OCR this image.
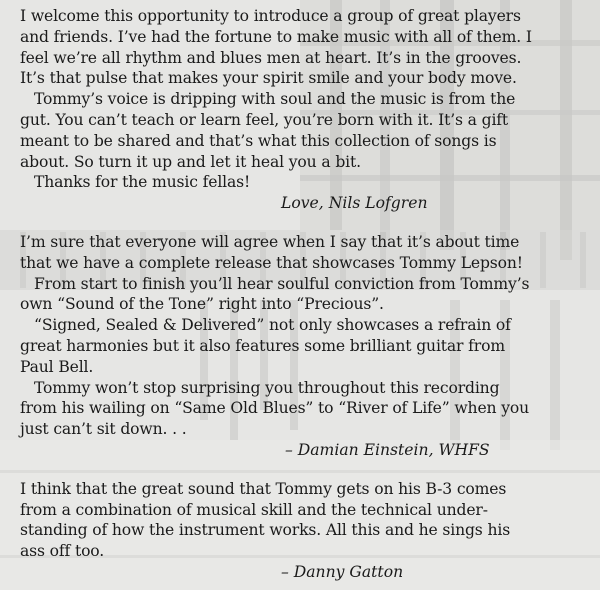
I welcome this opportunity to introduce a group of great players
and friends. I’ve had the fortune to make music with all of them. I
feel we’re all rhythm and blues men at heart. It’s in the grooves.
It’s that pulse that makes your spirit smile and your body move.
Tommy’s voice is dripping with soul and the music is from the
gut. You can’t teach or learn feel, you’re born with it. It’s a gift
meant to be shared and that’s what this collection of songs is
about. So turn it up and let it heal you a bit.
Thanks for the music fellas!
Love, Nils Lofgren
I’m sure that everyone will agree when I say that it’s about time
that we have a complete release that showcases Tommy Lepson!
From start to finish you’ll hear soulful conviction from Tommy’s
own “Sound of the Tone” right into “Precious”.
“Signed, Sealed & Delivered” not only showcases a refrain of
great harmonies but it also features some brilliant guitar from
Paul Bell.
Tommy won’t stop surprising you throughout this recording
from his wailing on “Same Old Blues” to “River of Life” when you
just can’t sit down. . .
– Damian Einstein, WHFS
I think that the great sound that Tommy gets on his B-3 comes
from a combination of musical skill and the technical under-
standing of how the instrument works. All this and he sings his
ass off too.
– Danny Gatton
